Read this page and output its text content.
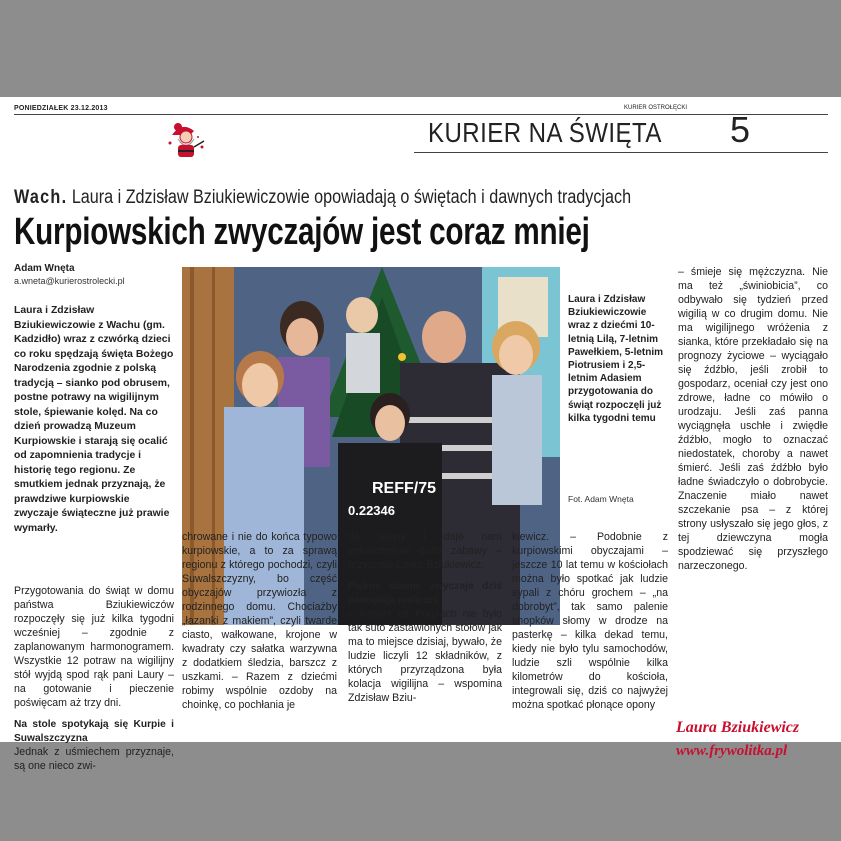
PONIEDZIAŁEK 23.12.2013	KURIER OSTROŁĘCKI
KURIER NA ŚWIĘTA 5
Wach. Laura i Zdzisław Bziukiewiczowie opowiadają o świętach i dawnych tradycjach
Kurpiowskich zwyczajów jest coraz mniej
Adam Wnęta
a.wneta@kurierostrolecki.pl
Laura i Zdzisław Bziukiewiczowie z Wachu (gm. Kadzidło) wraz z czwórką dzieci co roku spędzają święta Bożego Narodzenia zgodnie z polską tradycją – sianko pod obrusem, postne potrawy na wigilijnym stole, śpiewanie kolęd. Na co dzień prowadzą Muzeum Kurpiowskie i starają się ocalić od zapomnienia tradycje i historię tego regionu. Ze smutkiem jednak przyznają, że prawdziwe kurpiowskie zwyczaje świąteczne już prawie wymarły.

Przygotowania do świąt w domu państwa Bziukiewiczów rozpoczęły się już kilka tygodni wcześniej – zgodnie z zaplanowanym harmonogramem. Wszystkie 12 potraw na wigilijny stół wyjdą spod rąk pani Laury – na gotowanie i pieczenie poświęcam aż trzy dni.

Na stole spotykają się Kurpie i Suwalszczyzna

Jednak z uśmiechem przyznaje, są one nieco zwi-

REFF/75
0.22346
Laura i Zdzisław Bziukiewiczowie wraz z dziećmi 10-letnią Lilą, 7-letnim Pawełkiem, 5-letnim Piotrusiem i 2,5-letnim Adasiem przygotowania do świąt rozpoczęli już kilka tygodni temu
Fot. Adam Wnęta

chrowane i nie do końca typowo kurpiowskie, a to za sprawą regionu z którego pochodzi, czyli Suwalszczyzny, bo część obyczajów przywiozła z rodzinnego domu. Chociażby „łazanki z makiem”, czyli twarde ciasto, wałkowane, krojone w kwadraty czy sałatka warzywna z dodatkiem śledzia, barszcz z uszkami. – Razem z dziećmi robimy wspólnie ozdoby na choinkę, co pochłania je

do reszty i daje nam jednocześnie dużo zabawy – przyznaje Laura Bziukiewicz.

Piękne dawne zwyczaje dziś pamiętają nieliczni

– Kiedyś na Kurpiach nie było tak suto zastawionych stołów jak ma to miejsce dzisiaj, bywało, że ludzie liczyli 12 składników, z których przyrządzona była kolacja wigilijna – wspomina Zdzisław Bziu-

kiewicz. – Podobnie z kurpiowskimi obyczajami – jeszcze 10 lat temu w kościołach można było spotkać jak ludzie sypali z chóru grochem – „na dobrobyt”, tak samo palenie snopków słomy w drodze na pasterkę – kilka dekad temu, kiedy nie było tylu samochodów, ludzie szli wspólnie kilka kilometrów do kościoła, integrowali się, dziś co najwyżej można spotkać płonące opony

– śmieje się mężczyzna. Nie ma też „świniobicia”, co odbywało się tydzień przed wigilią w co drugim domu. Nie ma wigilijnego wróżenia z sianka, które przekładało się na prognozy życiowe – wyciągało się źdźbło, jeśli zrobił to gospodarz, oceniał czy jest ono zdrowe, ładne co mówiło o urodzaju. Jeśli zaś panna wyciągnęła uschłe i zwiędłe źdźbło, mogło to oznaczać niedostatek, choroby a nawet śmierć. Jeśli zaś źdźbło było ładne świadczyło o dobrobycie. Znaczenie miało nawet szczekanie psa – z której strony usłyszało się jego głos, z tej dziewczyna mogła spodziewać się przyszłego narzeczonego.

Laura Bziukiewicz
www.frywolitka.pl
